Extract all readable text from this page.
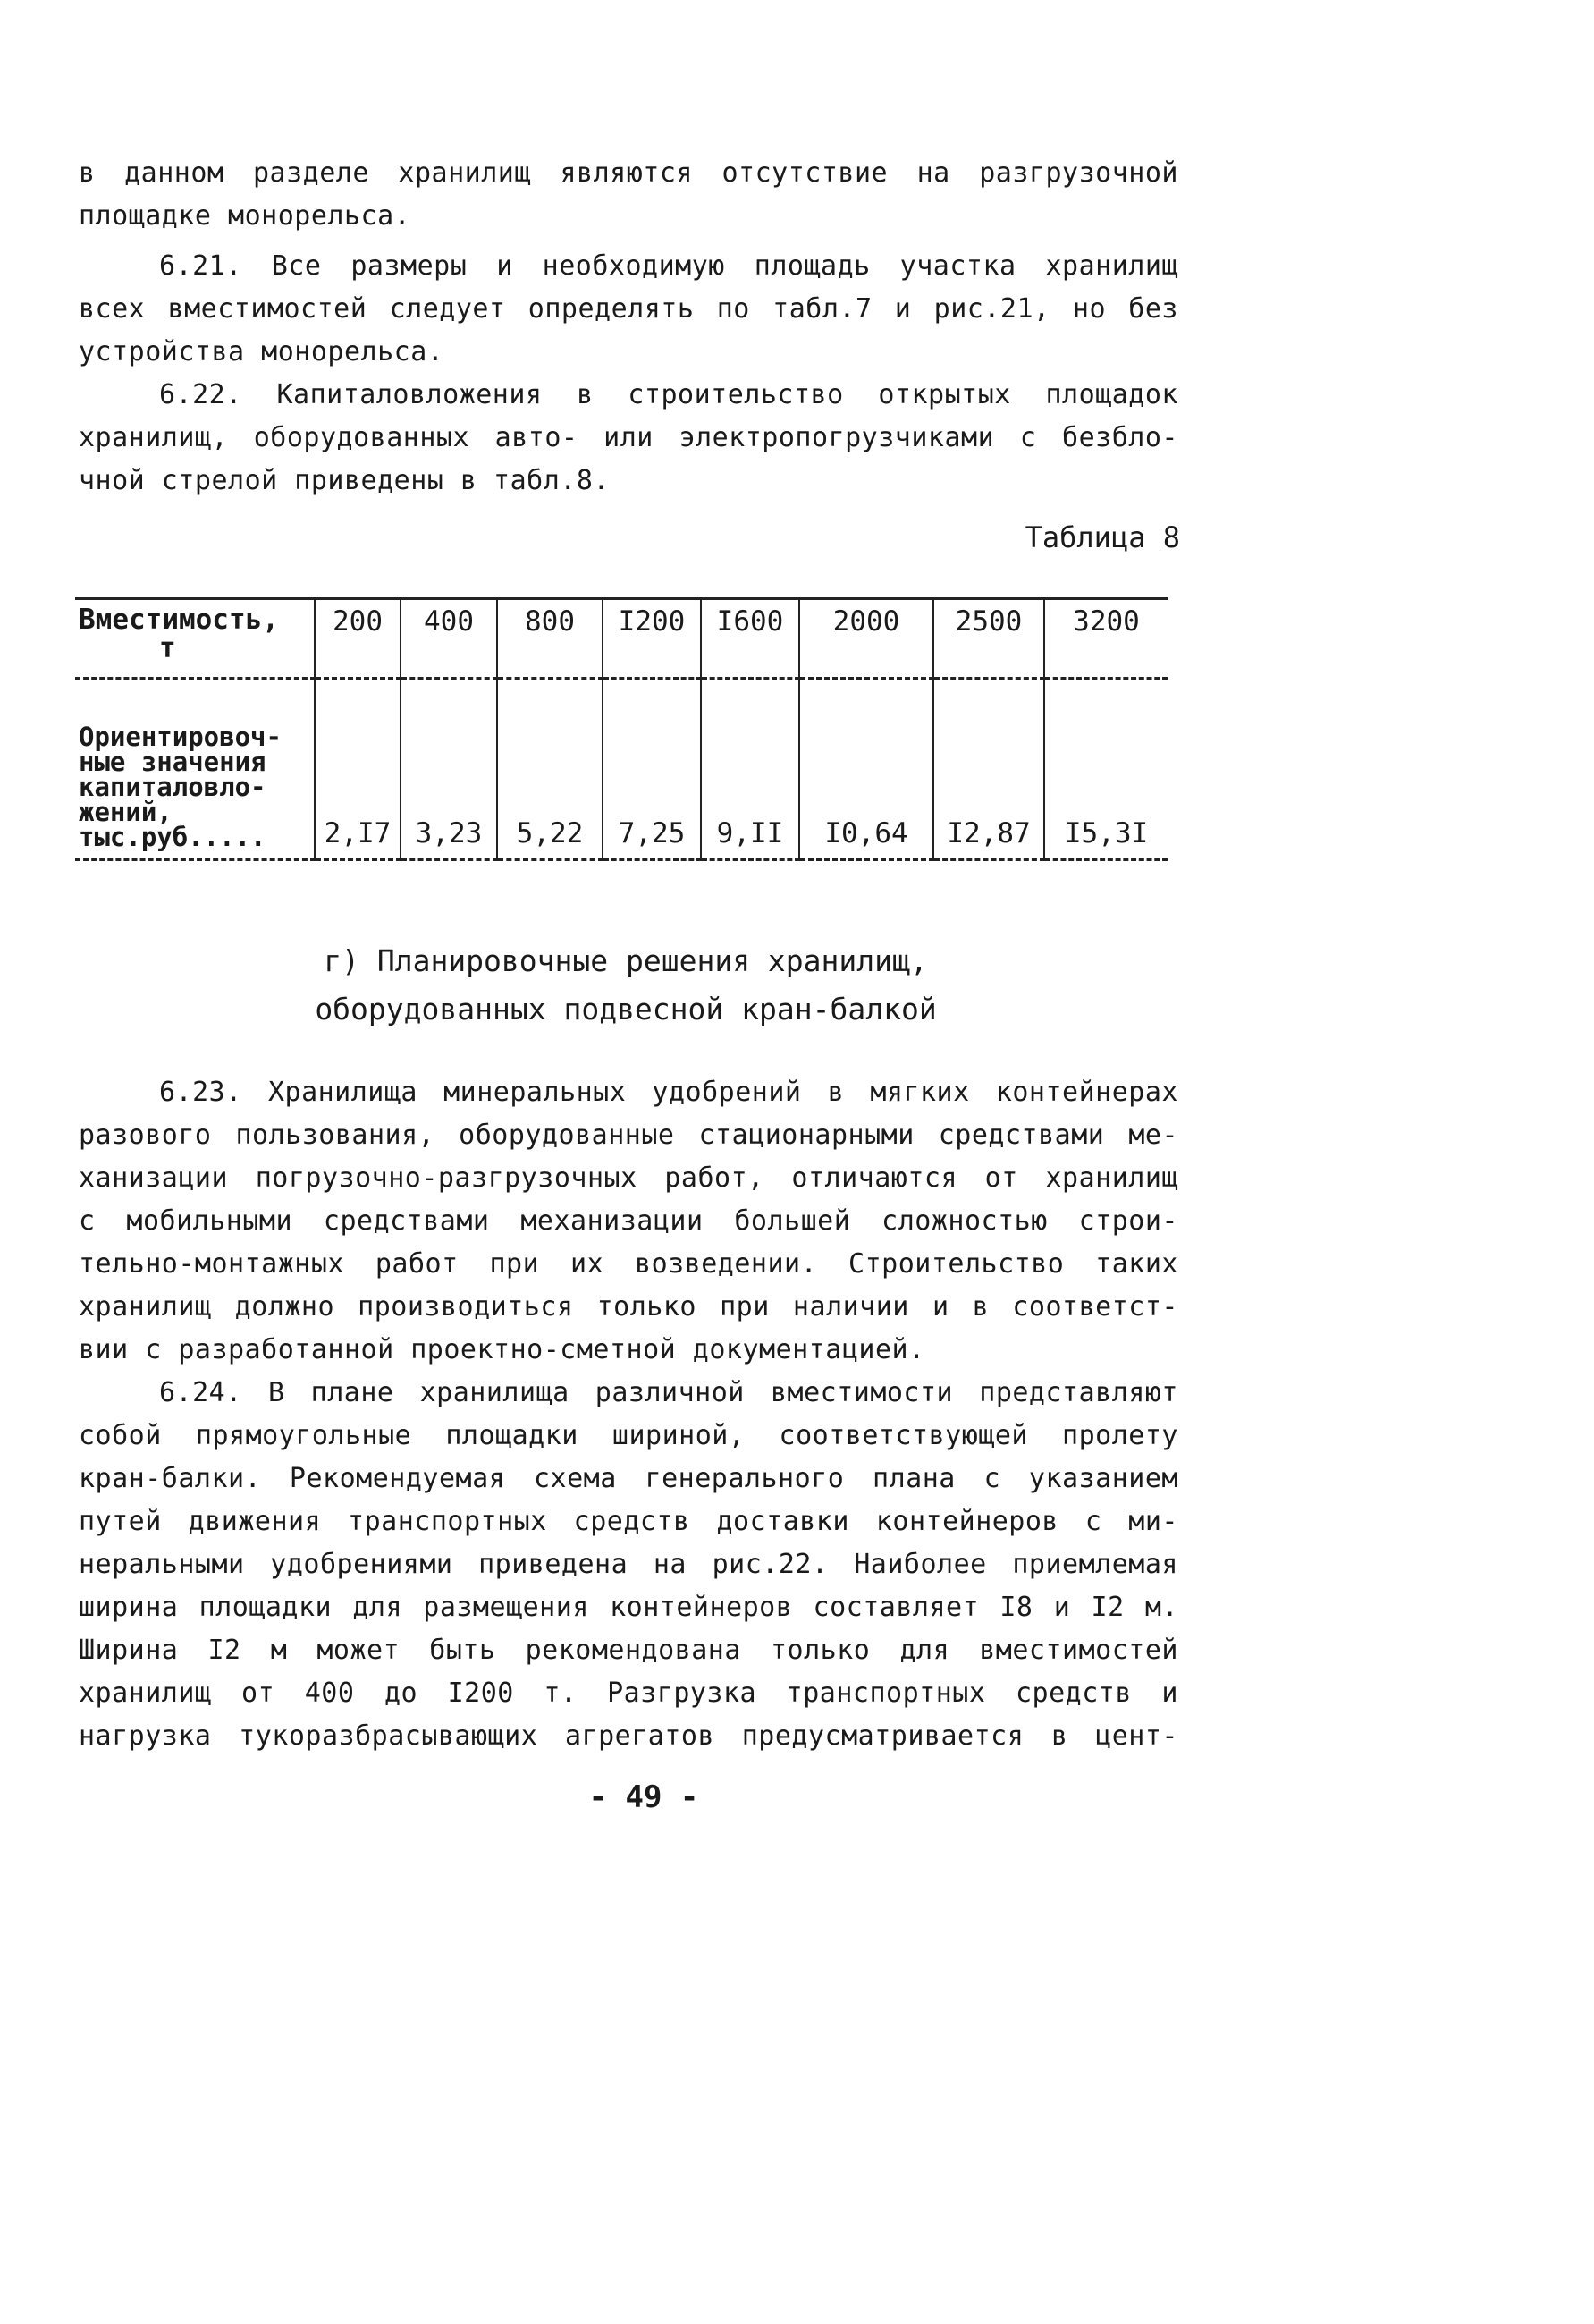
в данном разделе хранилищ являются отсутствие на разгрузочной
площадке монорельса.
6.21. Все размеры и необходимую площадь участка хранилищ
всех вместимостей следует определять по табл.7 и рис.21, но без
устройства монорельса.
6.22. Капиталовложения в строительство открытых площадок
хранилищ, оборудованных авто- или электропогрузчиками с безбло-
чной стрелой приведены в табл.8.
Таблица 8
Вместимость,
т	200	400	800	I200	I600	2000	2500	3200

Ориентировоч-
ные значения
капиталовло-
жений,
тыс.руб.....	2,I7	3,23	5,22	7,25	9,II	I0,64	I2,87	I5,3I
г) Планировочные решения хранилищ,
оборудованных подвесной кран-балкой
6.23. Хранилища минеральных удобрений в мягких контейнерах
разового пользования, оборудованные стационарными средствами ме-
ханизации погрузочно-разгрузочных работ, отличаются от хранилищ
с мобильными средствами механизации большей сложностью строи-
тельно-монтажных работ при их возведении. Строительство таких
хранилищ должно производиться только при наличии и в соответст-
вии с разработанной проектно-сметной документацией.
6.24. В плане хранилища различной вместимости представляют
собой прямоугольные площадки шириной, соответствующей пролету
кран-балки. Рекомендуемая схема генерального плана с указанием
путей движения транспортных средств доставки контейнеров с ми-
неральными удобрениями приведена на рис.22. Наиболее приемлемая
ширина площадки для размещения контейнеров составляет I8 и I2 м.
Ширина I2 м может быть рекомендована только для вместимостей
хранилищ от 400 до I200 т. Разгрузка транспортных средств и
нагрузка тукоразбрасывающих агрегатов предусматривается в цент-
- 49 -
